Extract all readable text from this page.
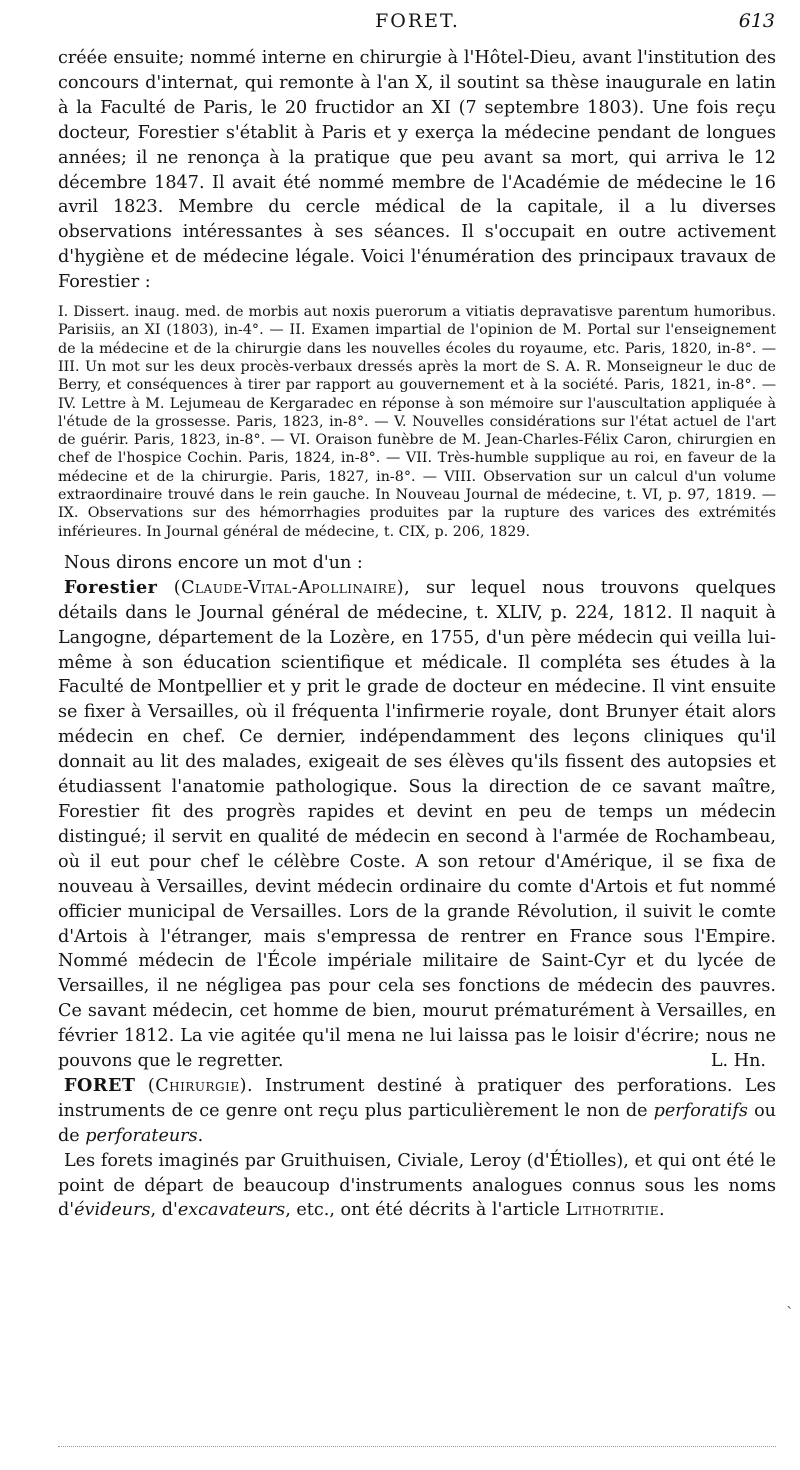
FORET.	613

créée ensuite; nommé interne en chirurgie à l'Hôtel-Dieu, avant l'institution des concours d'internat, qui remonte à l'an X, il soutint sa thèse inaugurale en latin à la Faculté de Paris, le 20 fructidor an XI (7 septembre 1803). Une fois reçu docteur, Forestier s'établit à Paris et y exerça la médecine pendant de longues années; il ne renonça à la pratique que peu avant sa mort, qui arriva le 12 décembre 1847. Il avait été nommé membre de l'Académie de médecine le 16 avril 1823. Membre du cercle médical de la capitale, il a lu diverses observations intéressantes à ses séances. Il s'occupait en outre activement d'hygiène et de médecine légale. Voici l'énumération des principaux travaux de Forestier :

I. Dissert. inaug. med. de morbis aut noxis puerorum a vitiatis depravatisve parentum humoribus. Parisiis, an XI (1803), in-4°. — II. Examen impartial de l'opinion de M. Portal sur l'enseignement de la médecine et de la chirurgie dans les nouvelles écoles du royaume, etc. Paris, 1820, in-8°. — III. Un mot sur les deux procès-verbaux dressés après la mort de S. A. R. Monseigneur le duc de Berry, et conséquences à tirer par rapport au gouvernement et à la société. Paris, 1821, in-8°. — IV. Lettre à M. Lejumeau de Kergaradec en réponse à son mémoire sur l'auscultation appliquée à l'étude de la grossesse. Paris, 1823, in-8°. — V. Nouvelles considérations sur l'état actuel de l'art de guérir. Paris, 1823, in-8°. — VI. Oraison funèbre de M. Jean-Charles-Félix Caron, chirurgien en chef de l'hospice Cochin. Paris, 1824, in-8°. — VII. Très-humble supplique au roi, en faveur de la médecine et de la chirurgie. Paris, 1827, in-8°. — VIII. Observation sur un calcul d'un volume extraordinaire trouvé dans le rein gauche. In Nouveau Journal de médecine, t. VI, p. 97, 1819. — IX. Observations sur des hémorrhagies produites par la rupture des varices des extrémités inférieures. In Journal général de médecine, t. CIX, p. 206, 1829.

Nous dirons encore un mot d'un :

Forestier (Claude-Vital-Apollinaire), sur lequel nous trouvons quelques détails dans le Journal général de médecine, t. XLIV, p. 224, 1812. Il naquit à Langogne, département de la Lozère, en 1755, d'un père médecin qui veilla lui-même à son éducation scientifique et médicale. Il compléta ses études à la Faculté de Montpellier et y prit le grade de docteur en médecine. Il vint ensuite se fixer à Versailles, où il fréquenta l'infirmerie royale, dont Brunyer était alors médecin en chef. Ce dernier, indépendamment des leçons cliniques qu'il donnait au lit des malades, exigeait de ses élèves qu'ils fissent des autopsies et étudiassent l'anatomie pathologique. Sous la direction de ce savant maître, Forestier fit des progrès rapides et devint en peu de temps un médecin distingué; il servit en qualité de médecin en second à l'armée de Rochambeau, où il eut pour chef le célèbre Coste. A son retour d'Amérique, il se fixa de nouveau à Versailles, devint médecin ordinaire du comte d'Artois et fut nommé officier municipal de Versailles. Lors de la grande Révolution, il suivit le comte d'Artois à l'étranger, mais s'empressa de rentrer en France sous l'Empire. Nommé médecin de l'École impériale militaire de Saint-Cyr et du lycée de Versailles, il ne négligea pas pour cela ses fonctions de médecin des pauvres. Ce savant médecin, cet homme de bien, mourut prématurément à Versailles, en février 1812. La vie agitée qu'il mena ne lui laissa pas le loisir d'écrire; nous ne pouvons que le regretter.	L. Hn.

FORET (Chirurgie). Instrument destiné à pratiquer des perforations. Les instruments de ce genre ont reçu plus particulièrement le non de perforatifs ou de perforateurs.

Les forets imaginés par Gruithuisen, Civiale, Leroy (d'Étiolles), et qui ont été le point de départ de beaucoup d'instruments analogues connus sous les noms d'évideurs, d'excavateurs, etc., ont été décrits à l'article Lithotritie.

ˋ
